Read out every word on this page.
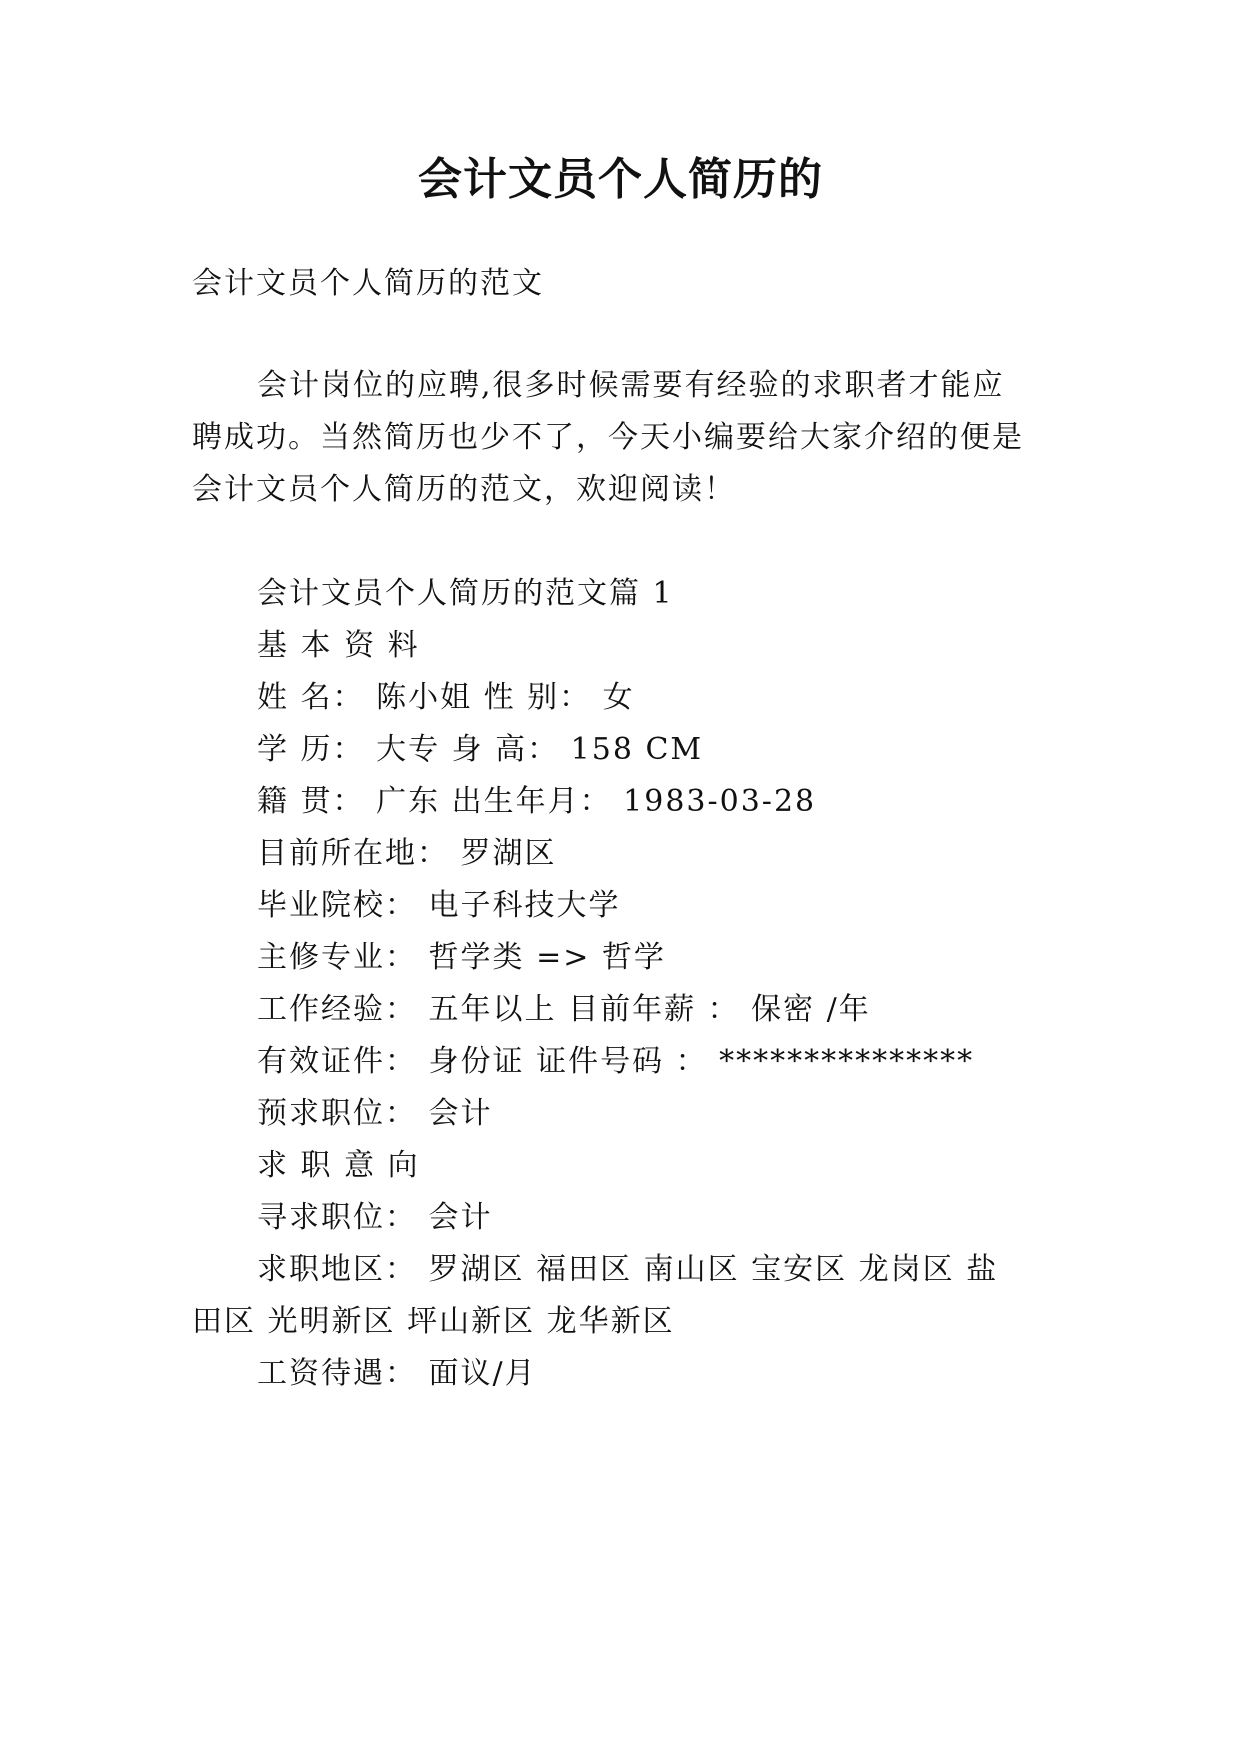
会计文员个人简历的
会计文员个人简历的范文
会计岗位的应聘,很多时候需要有经验的求职者才能应
聘成功。当然简历也少不了，今天小编要给大家介绍的便是
会计文员个人简历的范文，欢迎阅读！
会计文员个人简历的范文篇 1
基 本 资 料
姓 名： 陈小姐 性 别： 女
学 历： 大专 身 高： 158 CM
籍 贯： 广东 出生年月： 1983-03-28
目前所在地： 罗湖区
毕业院校： 电子科技大学
主修专业： 哲学类 => 哲学
工作经验： 五年以上 目前年薪 ： 保密 /年
有效证件： 身份证 证件号码 ： ***************
预求职位： 会计
求 职 意 向
寻求职位： 会计
求职地区： 罗湖区 福田区 南山区 宝安区 龙岗区 盐
田区 光明新区 坪山新区 龙华新区
工资待遇： 面议/月
